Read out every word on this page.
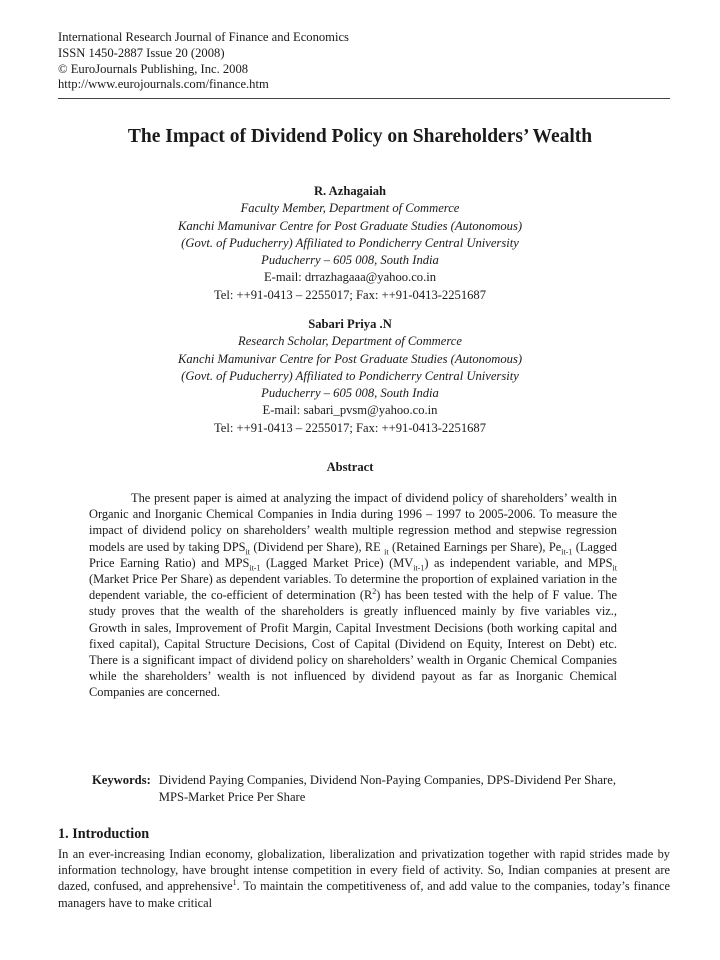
International Research Journal of Finance and Economics
ISSN 1450-2887 Issue 20 (2008)
© EuroJournals Publishing, Inc. 2008
http://www.eurojournals.com/finance.htm
The Impact of Dividend Policy on Shareholders’ Wealth
R. Azhagaiah
Faculty Member, Department of Commerce
Kanchi Mamunivar Centre for Post Graduate Studies (Autonomous)
(Govt. of Puducherry) Affiliated to Pondicherry Central University
Puducherry – 605 008, South India
E-mail: drrazhagaaa@yahoo.co.in
Tel: ++91-0413 – 2255017; Fax: ++91-0413-2251687
Sabari Priya .N
Research Scholar, Department of Commerce
Kanchi Mamunivar Centre for Post Graduate Studies (Autonomous)
(Govt. of Puducherry) Affiliated to Pondicherry Central University
Puducherry – 605 008, South India
E-mail: sabari_pvsm@yahoo.co.in
Tel: ++91-0413 – 2255017; Fax: ++91-0413-2251687
Abstract
The present paper is aimed at analyzing the impact of dividend policy of shareholders’ wealth in Organic and Inorganic Chemical Companies in India during 1996 – 1997 to 2005-2006. To measure the impact of dividend policy on shareholders’ wealth multiple regression method and stepwise regression models are used by taking $DPS_{it}$ (Dividend per Share), RE $_{it}$ (Retained Earnings per Share), $Pe_{it-1}$ (Lagged Price Earning Ratio) and $MPS_{it-1}$ (Lagged Market Price) $(MV_{it-1})$ as independent variable, and $MPS_{it}$ (Market Price Per Share) as dependent variables. To determine the proportion of explained variation in the dependent variable, the co-efficient of determination $(R^2)$ has been tested with the help of F value. The study proves that the wealth of the shareholders is greatly influenced mainly by five variables viz., Growth in sales, Improvement of Profit Margin, Capital Investment Decisions (both working capital and fixed capital), Capital Structure Decisions, Cost of Capital (Dividend on Equity, Interest on Debt) etc. There is a significant impact of dividend policy on shareholders’ wealth in Organic Chemical Companies while the shareholders’ wealth is not influenced by dividend payout as far as Inorganic Chemical Companies are concerned.
Keywords: Dividend Paying Companies, Dividend Non-Paying Companies, DPS-Dividend Per Share, MPS-Market Price Per Share
1. Introduction
In an ever-increasing Indian economy, globalization, liberalization and privatization together with rapid strides made by information technology, have brought intense competition in every field of activity. So, Indian companies at present are dazed, confused, and apprehensive$^1$. To maintain the competitiveness of, and add value to the companies, today’s finance managers have to make critical
